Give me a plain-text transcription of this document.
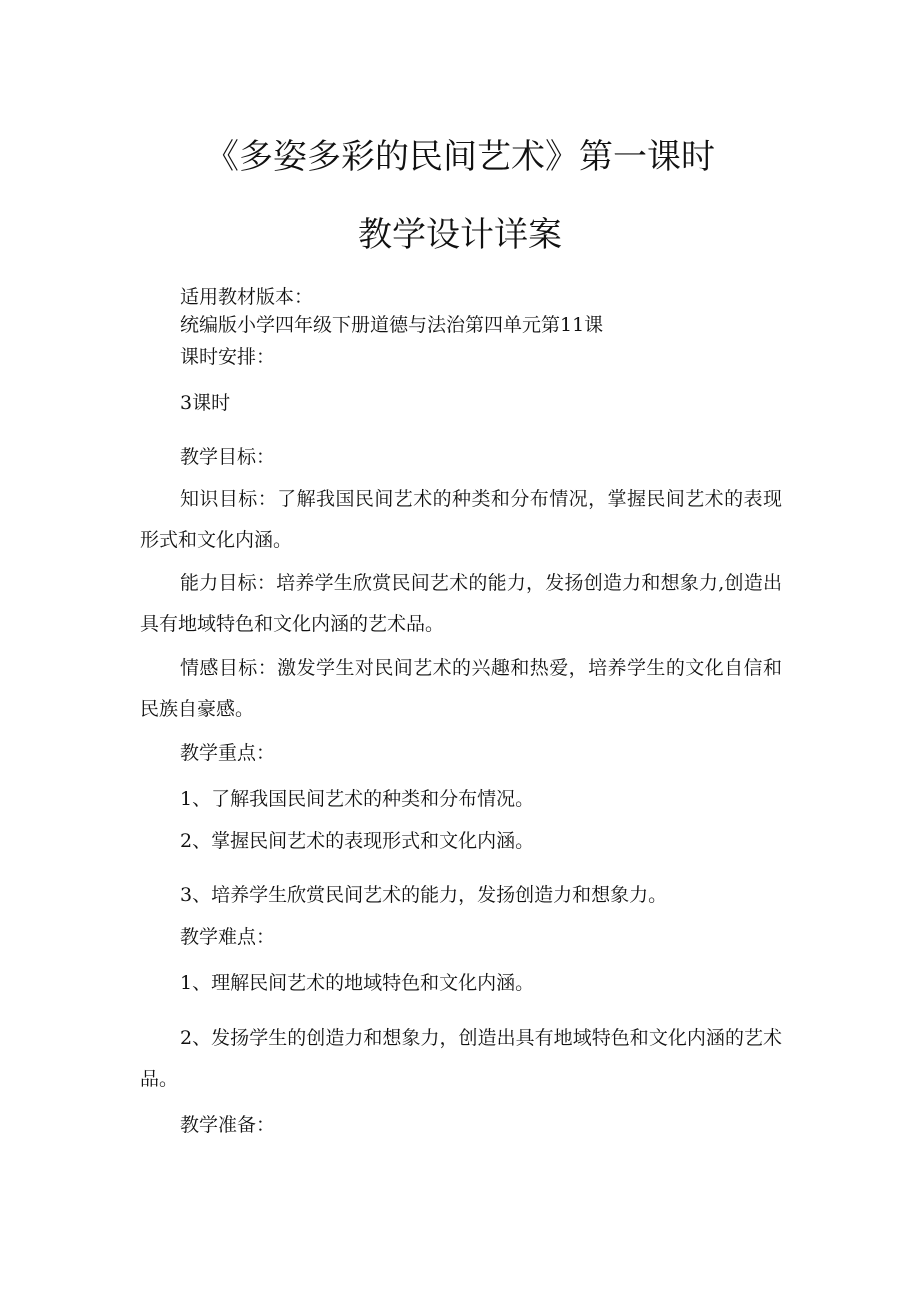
《多姿多彩的民间艺术》第一课时
教学设计详案

适用教材版本：

统编版小学四年级下册道德与法治第四单元第11课

课时安排：

3课时

教学目标：

知识目标：了解我国民间艺术的种类和分布情况，掌握民间艺术的表现形式和文化内涵。

能力目标：培养学生欣赏民间艺术的能力，发扬创造力和想象力,创造出具有地域特色和文化内涵的艺术品。

情感目标：激发学生对民间艺术的兴趣和热爱，培养学生的文化自信和民族自豪感。

教学重点：

1、了解我国民间艺术的种类和分布情况。

2、掌握民间艺术的表现形式和文化内涵。

3、培养学生欣赏民间艺术的能力，发扬创造力和想象力。

教学难点：

1、理解民间艺术的地域特色和文化内涵。

2、发扬学生的创造力和想象力，创造出具有地域特色和文化内涵的艺术品。

教学准备：
